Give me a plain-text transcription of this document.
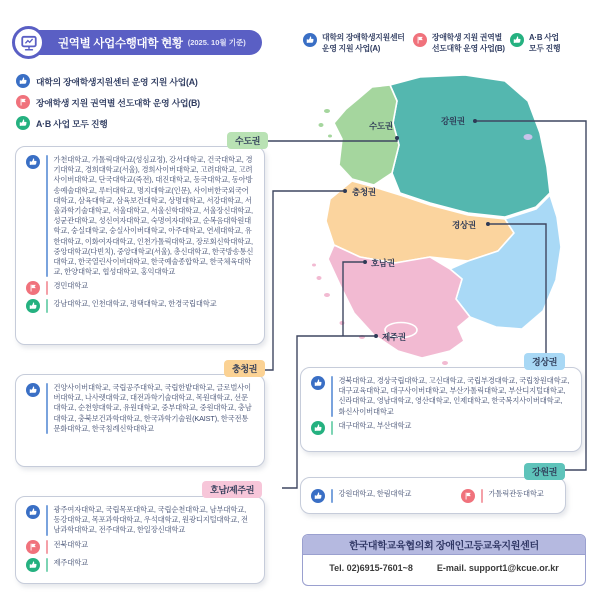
권역별 사업수행대학 현황 (2025. 10월 기준)
대학의 장애학생지원센터 운영 지원 사업(A)
장애학생 지원 권역별 선도대학 운영 사업(B)
A·B 사업 모두 진행
대학의 장애학생지원센터
운영 지원 사업(A)
장애학생 지원 권역별
선도대학 운영 사업(B)
A·B 사업
모두 진행
수도권	강원권
충청권
경상권
호남권
제주권
수도권
충청권
호남/제주권
경상권
강원권
가천대학교, 가톨릭대학교(성심교정), 강서대학교, 건국대학교, 경기대학교, 경희대학교(서울), 경희사이버대학교, 고려대학교, 고려사이버대학교, 단국대학교(죽전), 대진대학교, 동국대학교, 동아방송예술대학교, 루터대학교, 명지대학교(인문), 사이버한국외국어대학교, 삼육대학교, 삼육보건대학교, 상명대학교, 서강대학교, 서울과학기술대학교, 서울대학교, 서울신학대학교, 서울장신대학교, 성균관대학교, 성신여자대학교, 숙명여자대학교, 순복음대학원대학교, 숭실대학교, 숭실사이버대학교, 아주대학교, 연세대학교, 유한대학교, 이화여자대학교, 인천가톨릭대학교, 장로회신학대학교, 중앙대학교(다빈치), 중앙대학교(서울), 총신대학교, 한국방송통신대학교, 한국열린사이버대학교, 한국예술종합학교, 한국체육대학교, 한양대학교, 협성대학교, 홍익대학교
경민대학교
강남대학교, 인천대학교, 평택대학교, 한경국립대학교
건양사이버대학교, 국립공주대학교, 국립한밭대학교, 글로벌사이버대학교, 나사렛대학교, 대전과학기술대학교, 목원대학교, 선문대학교, 순천향대학교, 유원대학교, 중부대학교, 중원대학교, 충남대학교, 충북보건과학대학교, 한국과학기술원(KAIST), 한국전통문화대학교, 한국침례신학대학교
광주여자대학교, 국립목포대학교, 국립순천대학교, 남부대학교, 동강대학교, 목포과학대학교, 우석대학교, 원광디지털대학교, 전남과학대학교, 전주대학교, 한일장신대학교
전북대학교
제주대학교
경북대학교, 경상국립대학교, 고신대학교, 국립부경대학교, 국립창원대학교, 대구교육대학교, 대구사이버대학교, 부산가톨릭대학교, 부산디지털대학교, 신라대학교, 영남대학교, 영산대학교, 인제대학교, 한국복지사이버대학교, 화신사이버대학교
대구대학교, 부산대학교
강원대학교, 한림대학교	가톨릭관동대학교
한국대학교육협의회 장애인고등교육지원센터
Tel. 02)6915-7601~8	E-mail. support1@kcue.or.kr
